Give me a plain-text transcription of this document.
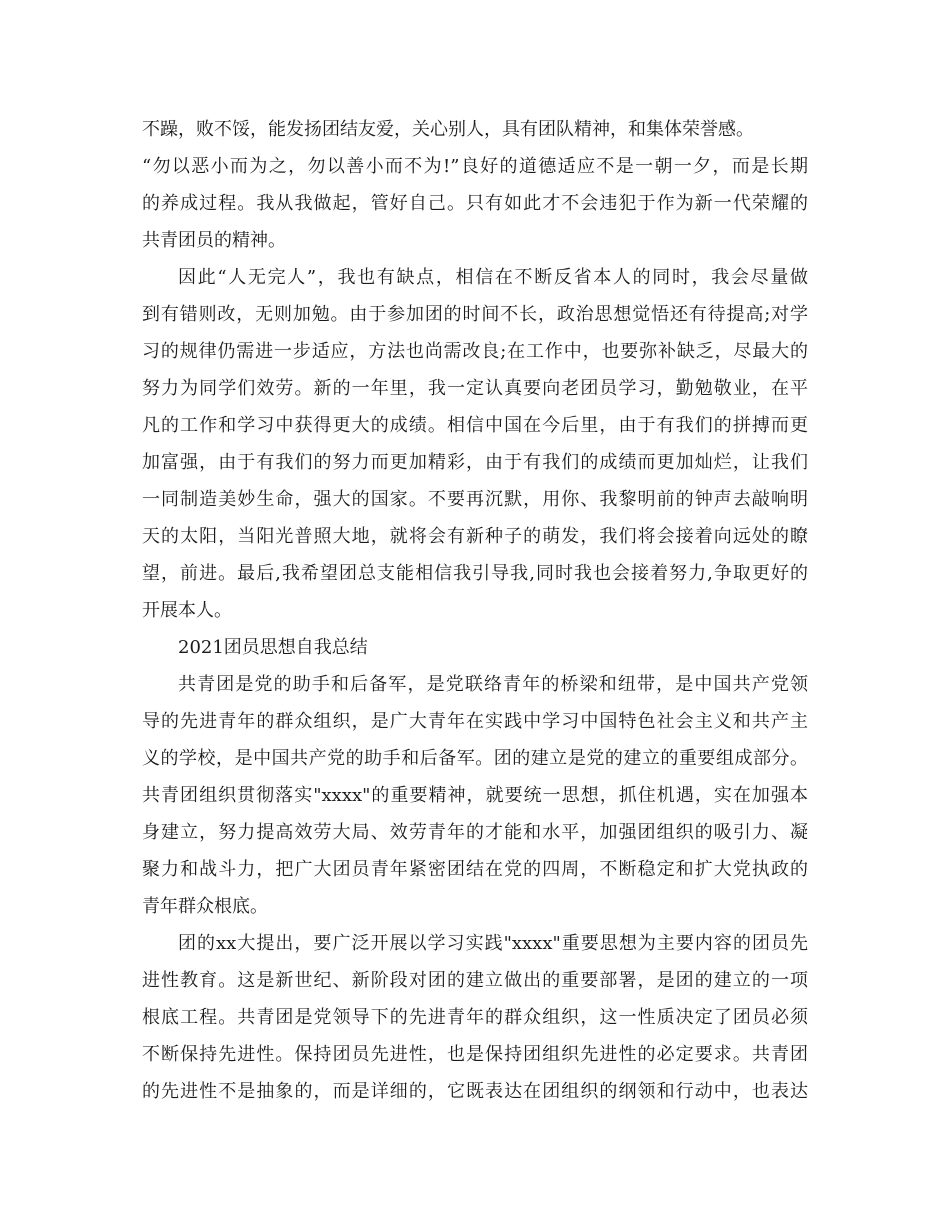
不躁，败不馁，能发扬团结友爱，关心别人，具有团队精神，和集体荣誉感。
“勿以恶小而为之，勿以善小而不为!”良好的道德适应不是一朝一夕，而是长期
的养成过程。我从我做起，管好自己。只有如此才不会违犯于作为新一代荣耀的
共青团员的精神。
因此“人无完人”，我也有缺点，相信在不断反省本人的同时，我会尽量做
到有错则改，无则加勉。由于参加团的时间不长，政治思想觉悟还有待提高;对学
习的规律仍需进一步适应，方法也尚需改良;在工作中，也要弥补缺乏，尽最大的
努力为同学们效劳。新的一年里，我一定认真要向老团员学习，勤勉敬业，在平
凡的工作和学习中获得更大的成绩。相信中国在今后里，由于有我们的拼搏而更
加富强，由于有我们的努力而更加精彩，由于有我们的成绩而更加灿烂，让我们
一同制造美妙生命，强大的国家。不要再沉默，用你、我黎明前的钟声去敲响明
天的太阳，当阳光普照大地，就将会有新种子的萌发，我们将会接着向远处的瞭
望，前进。最后,我希望团总支能相信我引导我,同时我也会接着努力,争取更好的
开展本人。
2021团员思想自我总结
共青团是党的助手和后备军，是党联络青年的桥梁和纽带，是中国共产党领
导的先进青年的群众组织，是广大青年在实践中学习中国特色社会主义和共产主
义的学校，是中国共产党的助手和后备军。团的建立是党的建立的重要组成部分。
共青团组织贯彻落实"xxxx"的重要精神，就要统一思想，抓住机遇，实在加强本
身建立，努力提高效劳大局、效劳青年的才能和水平，加强团组织的吸引力、凝
聚力和战斗力，把广大团员青年紧密团结在党的四周，不断稳定和扩大党执政的
青年群众根底。
团的xx大提出，要广泛开展以学习实践"xxxx"重要思想为主要内容的团员先
进性教育。这是新世纪、新阶段对团的建立做出的重要部署，是团的建立的一项
根底工程。共青团是党领导下的先进青年的群众组织，这一性质决定了团员必须
不断保持先进性。保持团员先进性，也是保持团组织先进性的必定要求。共青团
的先进性不是抽象的，而是详细的，它既表达在团组织的纲领和行动中，也表达
